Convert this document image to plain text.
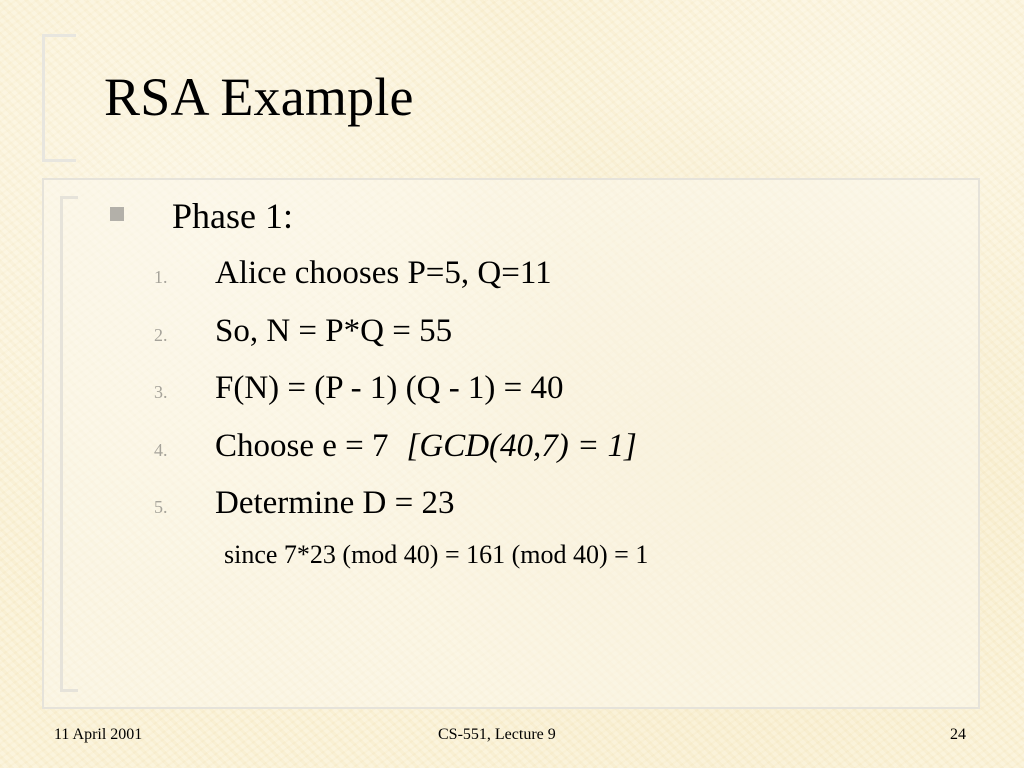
RSA Example
Phase 1:
1.	Alice chooses P=5, Q=11
2.	So, N = P*Q = 55
3.	F(N) = (P - 1) (Q - 1) = 40
4.	Choose e = 7 [GCD(40,7) = 1]
5.	Determine D = 23
since 7*23 (mod 40) = 161 (mod 40) = 1
11 April 2001	CS-551, Lecture 9	24
